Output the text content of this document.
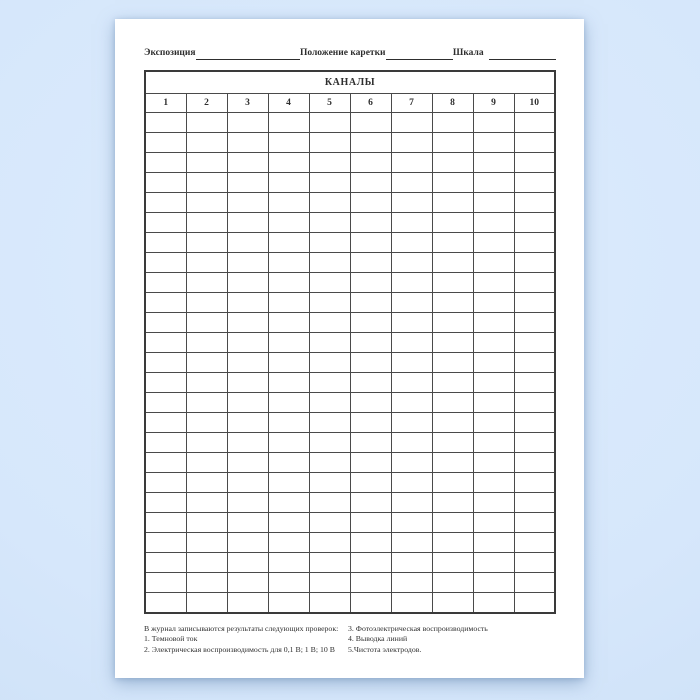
Экспозиция	Положение каретки	Шкала
КАНАЛЫ									
1	2	3	4	5	6	7	8	9	10

В журнал записываются результаты следующих проверок:
1. Темновой ток
2. Электрическая воспроизводимость для 0,1 В; 1 В; 10 В
3. Фотоэлектрическая воспроизводимость
4. Выводка линий
5.Чистота электродов.
